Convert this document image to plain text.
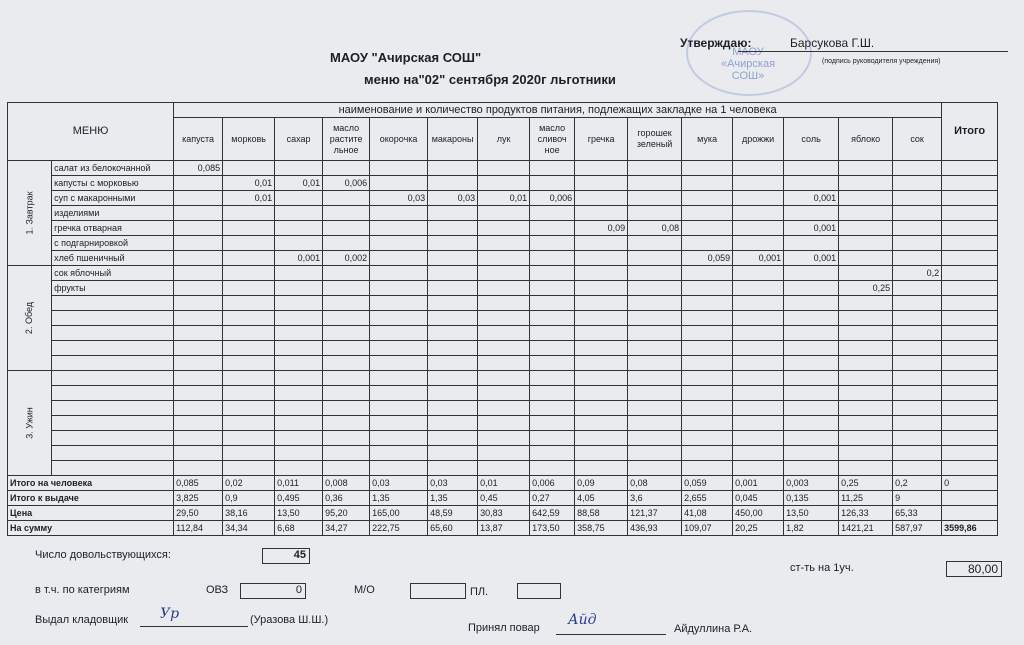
МАОУ «Ачирская СОШ»
МАОУ "Ачирская СОШ"
меню на"02" сентября 2020г льготники
Утверждаю:	Барсукова Г.Ш.
(подпись руководителя учреждения)
МЕНЮ		наименование и количество продуктов питания, подлежащих закладке на 1 человека															Итого
		капуста	морковь	сахар	масло растите льное	окорочка	макароны	лук	масло сливоч ное	гречка	горошек зеленый	мука	дрожжи	соль	яблоко	сок	
1. Завтрак	салат из белокочанной	0,085															
	капусты с морковью		0,01	0,01	0,006												
	суп с макаронными		0,01			0,03	0,03	0,01	0,006					0,001			
	изделиями																
	гречка отварная									0,09	0,08			0,001			
	с подгарнировкой																
	хлеб пшеничный			0,001	0,002							0,059	0,001	0,001			
2. Обед	сок яблочный															0,2	
	фрукты														0,25		

3. Ужин																	

Итого на человека		0,085	0,02	0,011	0,008	0,03	0,03	0,01	0,006	0,09	0,08	0,059	0,001	0,003	0,25	0,2	0
Итого к выдаче		3,825	0,9	0,495	0,36	1,35	1,35	0,45	0,27	4,05	3,6	2,655	0,045	0,135	11,25	9	
Цена		29,50	38,16	13,50	95,20	165,00	48,59	30,83	642,59	88,58	121,37	41,08	450,00	13,50	126,33	65,33	
На сумму		112,84	34,34	6,68	34,27	222,75	65,60	13,87	173,50	358,75	436,93	109,07	20,25	1,82	1421,21	587,97	3599,86
Число довольствующихся:	45
ст-ть на 1уч.	80,00
в т.ч. по категриям	ОВЗ	0	М/О	ПЛ.
Выдал кладовщик Ур	(Уразова Ш.Ш.)
Принял повар Айд
Айдуллина Р.А.
